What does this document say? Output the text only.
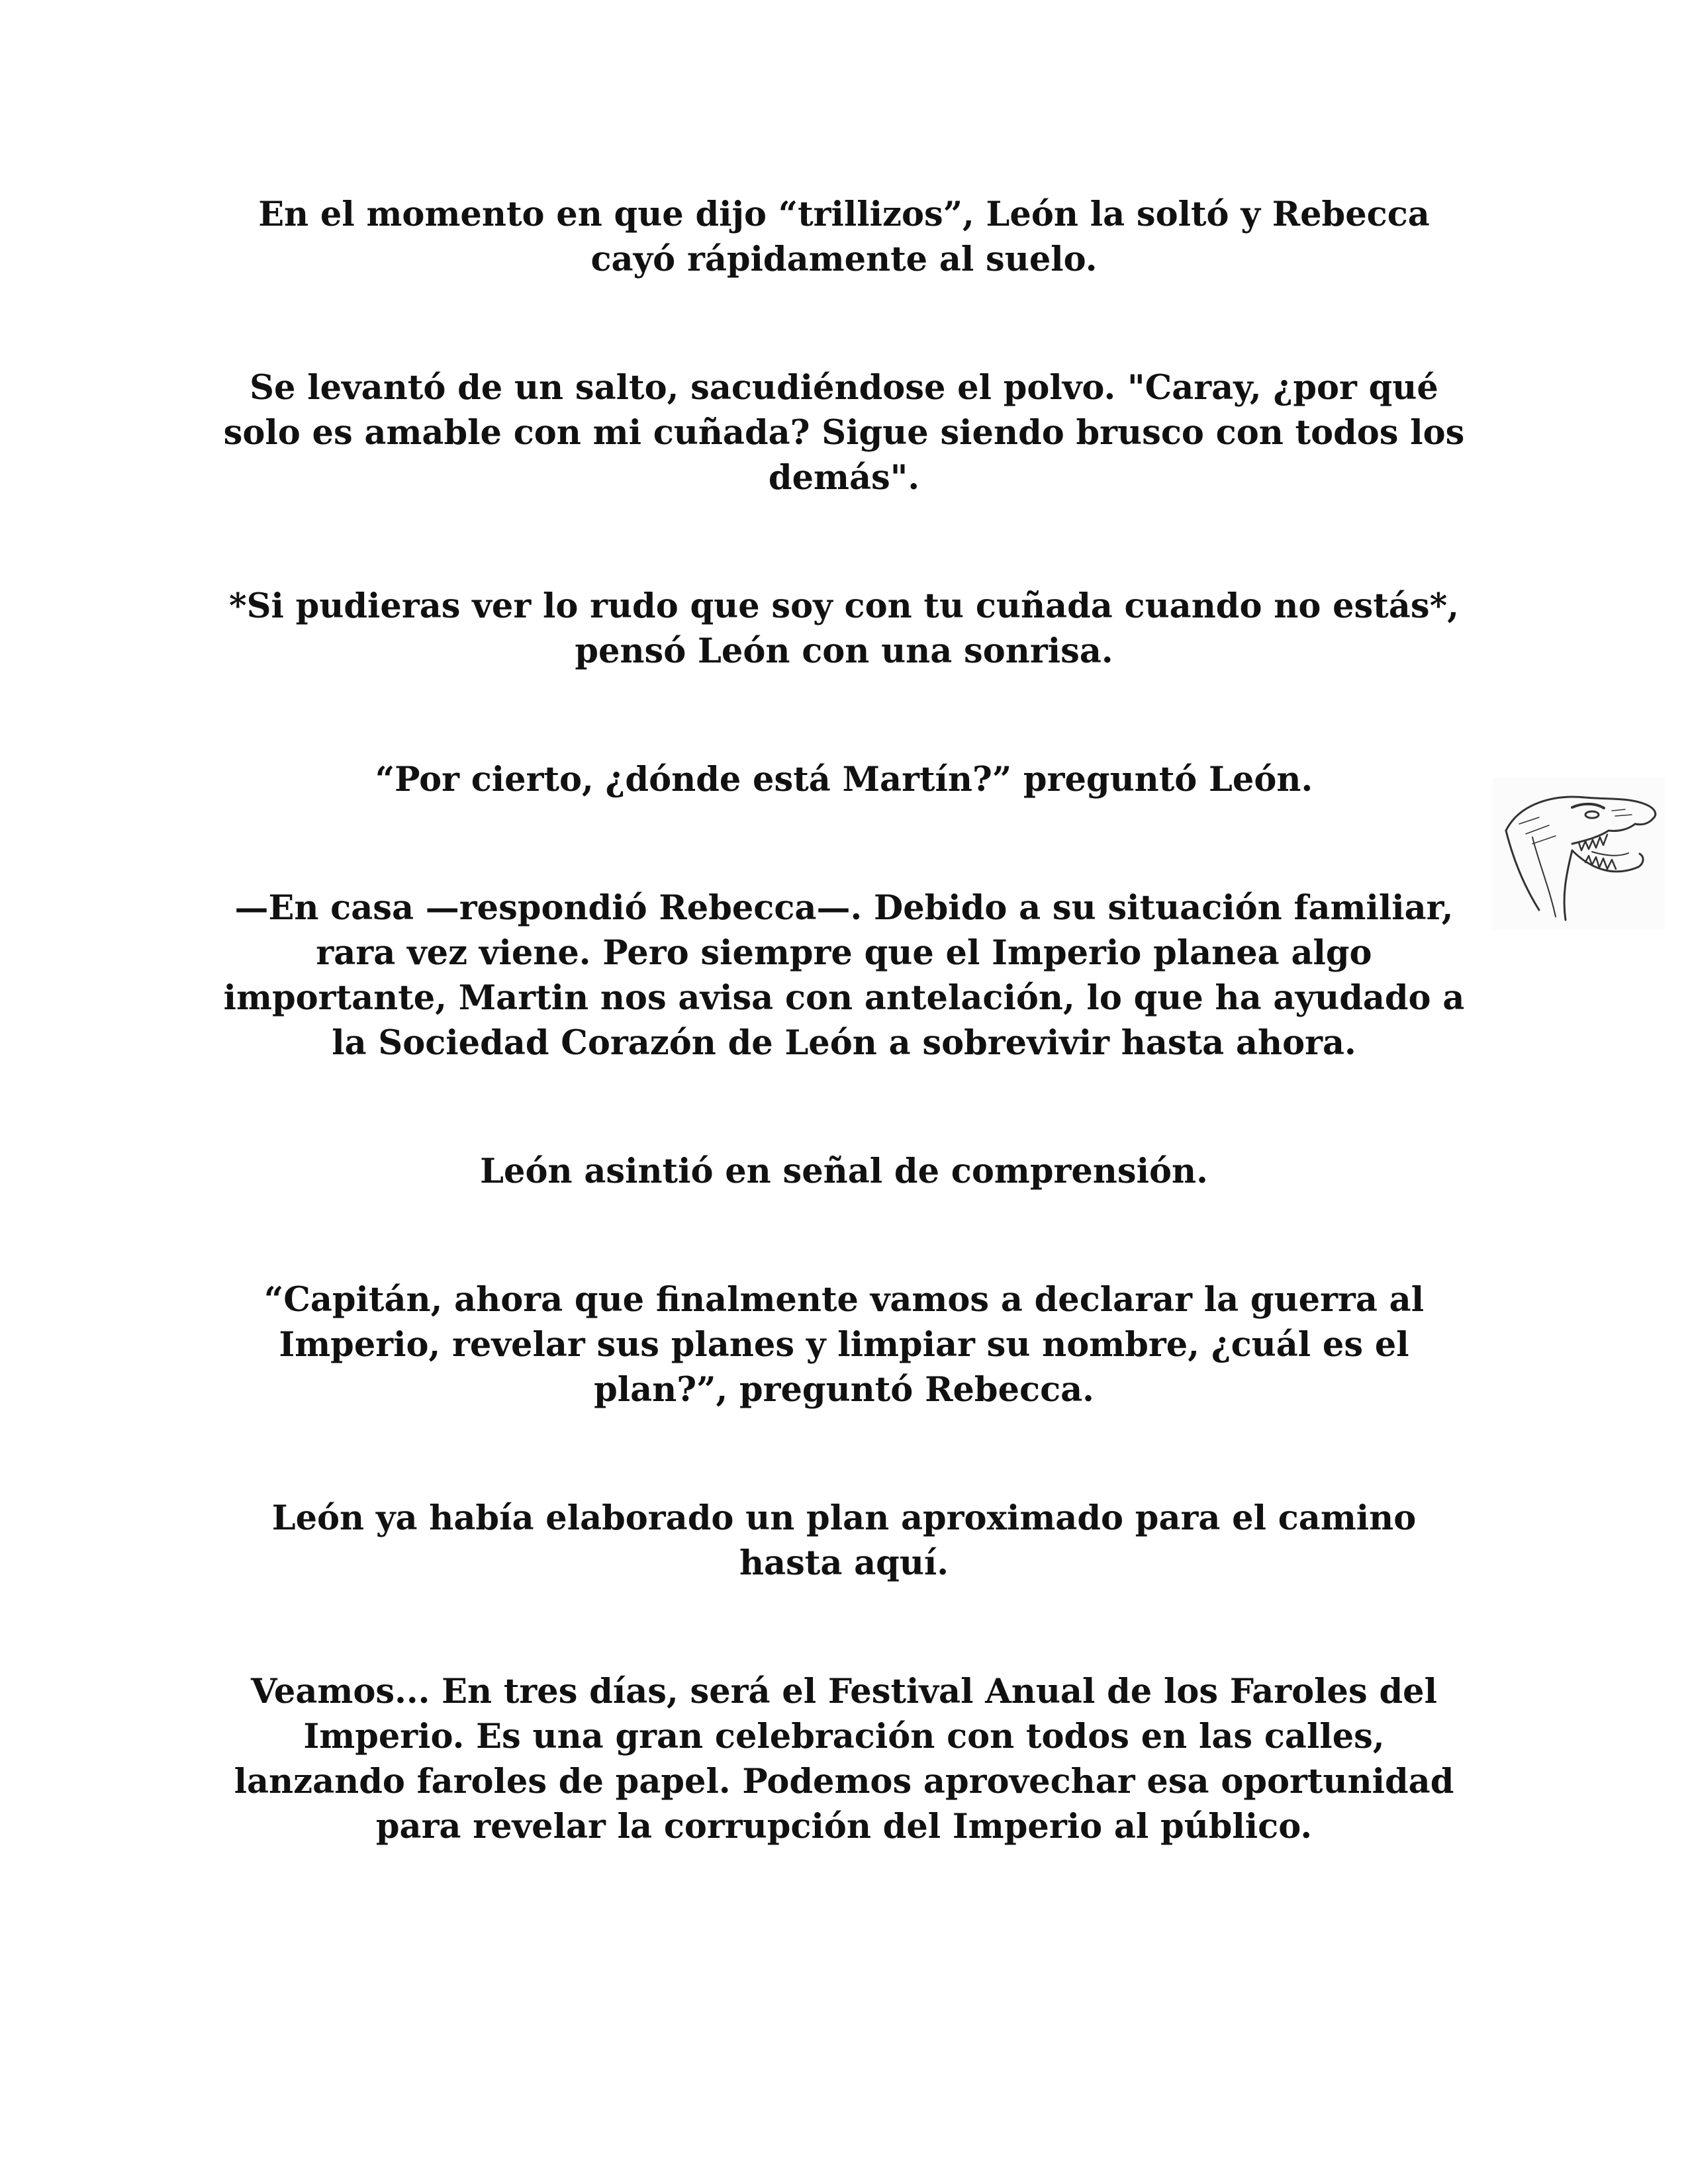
En el momento en que dijo “trillizos”, León la soltó y Rebecca cayó rápidamente al suelo.

Se levantó de un salto, sacudiéndose el polvo. "Caray, ¿por qué solo es amable con mi cuñada? Sigue siendo brusco con todos los demás".

*Si pudieras ver lo rudo que soy con tu cuñada cuando no estás*, pensó León con una sonrisa.

“Por cierto, ¿dónde está Martín?” preguntó León.

—En casa —respondió Rebecca—. Debido a su situación familiar, rara vez viene. Pero siempre que el Imperio planea algo importante, Martin nos avisa con antelación, lo que ha ayudado a la Sociedad Corazón de León a sobrevivir hasta ahora.

León asintió en señal de comprensión.

“Capitán, ahora que finalmente vamos a declarar la guerra al Imperio, revelar sus planes y limpiar su nombre, ¿cuál es el plan?”, preguntó Rebecca.

León ya había elaborado un plan aproximado para el camino hasta aquí.

Veamos... En tres días, será el Festival Anual de los Faroles del Imperio. Es una gran celebración con todos en las calles, lanzando faroles de papel. Podemos aprovechar esa oportunidad para revelar la corrupción del Imperio al público.
